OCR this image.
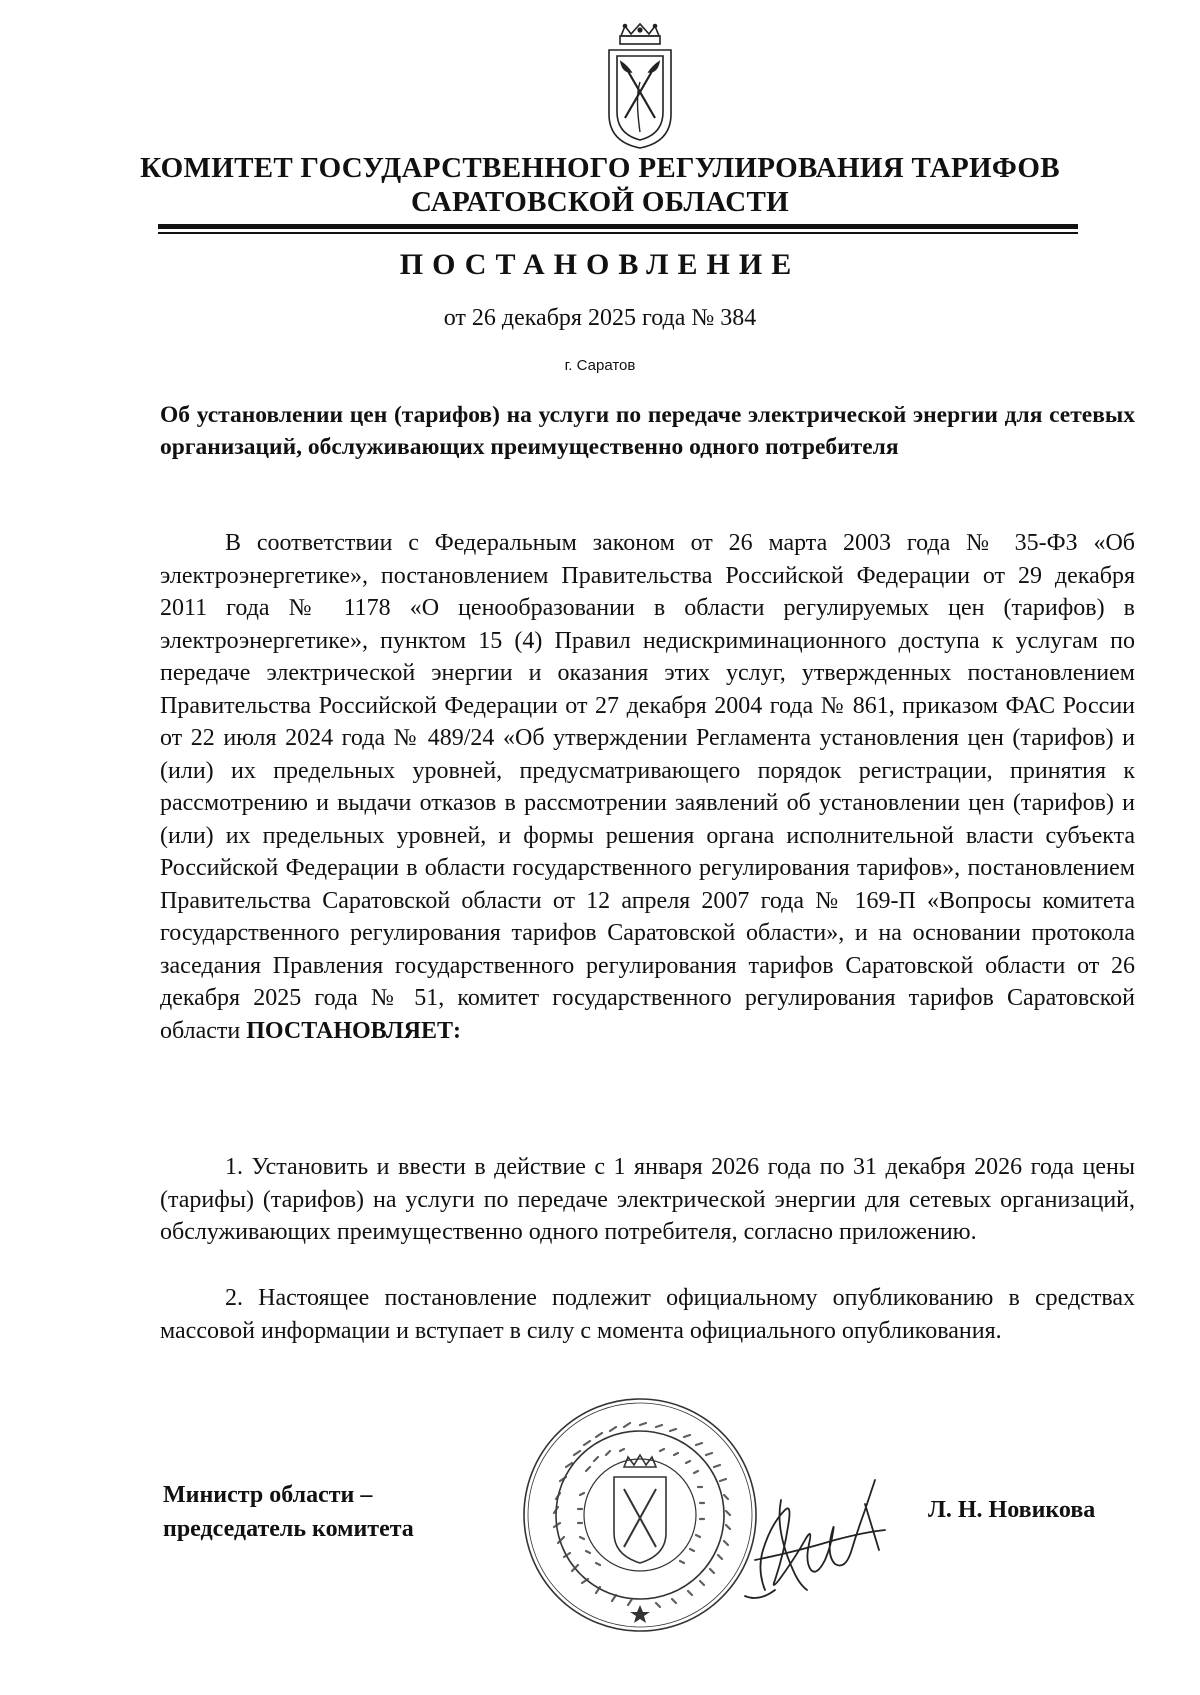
КОМИТЕТ ГОСУДАРСТВЕННОГО РЕГУЛИРОВАНИЯ ТАРИФОВ
САРАТОВСКОЙ ОБЛАСТИ
ПОСТАНОВЛЕНИЕ

от 26 декабря 2025 года № 384

г. Саратов

Об установлении цен (тарифов) на услуги по передаче электрической энергии для сетевых организаций, обслуживающих преимущественно одного потребителя

В соответствии с Федеральным законом от 26 марта 2003 года № 35-ФЗ «Об электроэнергетике», постановлением Правительства Российской Федерации от 29 декабря 2011 года № 1178 «О ценообразовании в области регулируемых цен (тарифов) в электроэнергетике», пунктом 15 (4) Правил недискриминационного доступа к услугам по передаче электрической энергии и оказания этих услуг, утвержденных постановлением Правительства Российской Федерации от 27 декабря 2004 года № 861, приказом ФАС России от 22 июля 2024 года № 489/24 «Об утверждении Регламента установления цен (тарифов) и (или) их предельных уровней, предусматривающего порядок регистрации, принятия к рассмотрению и выдачи отказов в рассмотрении заявлений об установлении цен (тарифов) и (или) их предельных уровней, и формы решения органа исполнительной власти субъекта Российской Федерации в области государственного регулирования тарифов», постановлением Правительства Саратовской области от 12 апреля 2007 года № 169-П «Вопросы комитета государственного регулирования тарифов Саратовской области», и на основании протокола заседания Правления государственного регулирования тарифов Саратовской области от 26 декабря 2025 года № 51, комитет государственного регулирования тарифов Саратовской области ПОСТАНОВЛЯЕТ:

1. Установить и ввести в действие с 1 января 2026 года по 31 декабря 2026 года цены (тарифы) (тарифов) на услуги по передаче электрической энергии для сетевых организаций, обслуживающих преимущественно одного потребителя, согласно приложению.

2. Настоящее постановление подлежит официальному опубликованию в средствах массовой информации и вступает в силу с момента официального опубликования.

Министр области –
председатель комитета

Л. Н. Новикова
